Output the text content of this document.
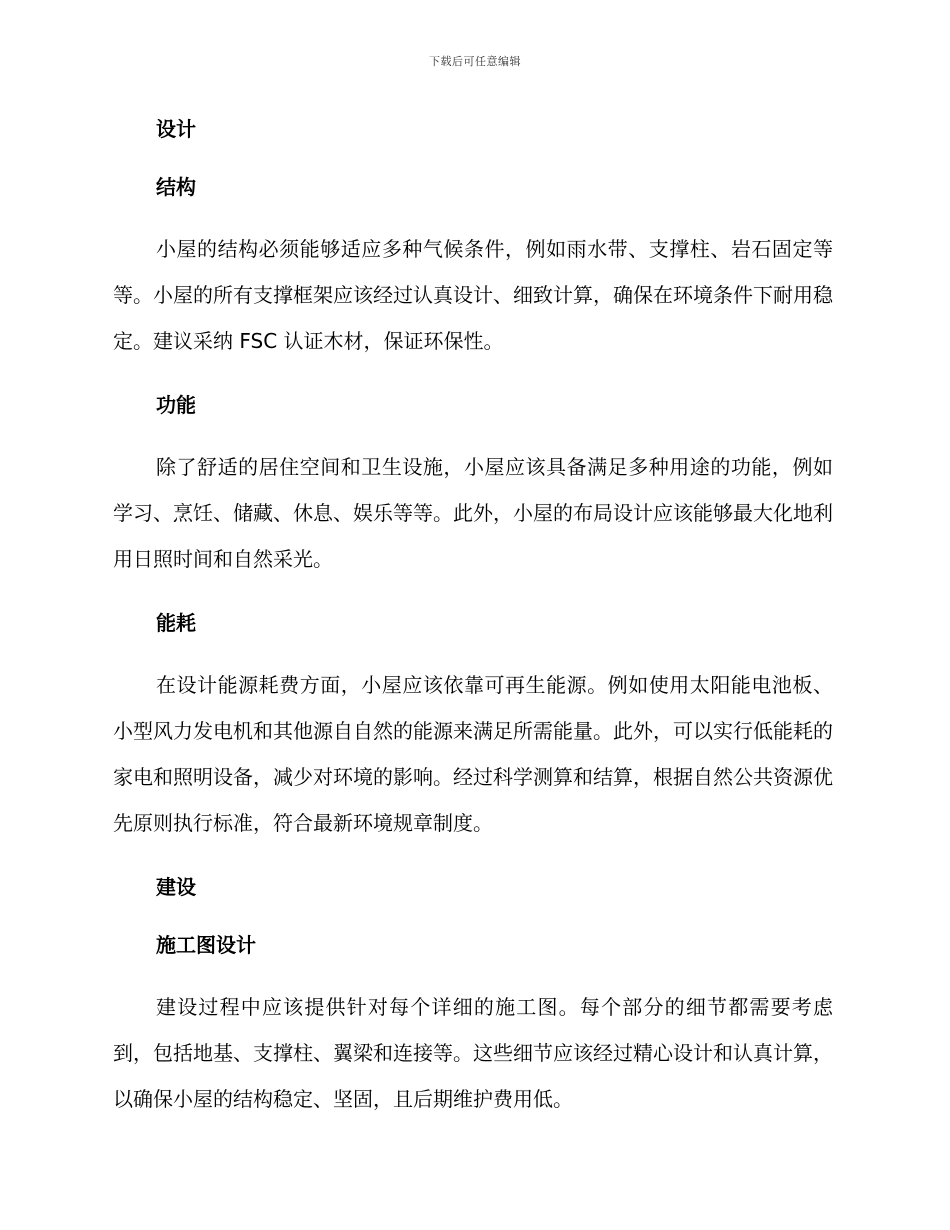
下载后可任意编辑
设计
结构

小屋的结构必须能够适应多种气候条件，例如雨水带、支撑柱、岩石固定等等。小屋的所有支撑框架应该经过认真设计、细致计算，确保在环境条件下耐用稳定。建议采纳 FSC 认证木材，保证环保性。

功能

除了舒适的居住空间和卫生设施，小屋应该具备满足多种用途的功能，例如学习、烹饪、储藏、休息、娱乐等等。此外，小屋的布局设计应该能够最大化地利用日照时间和自然采光。

能耗

在设计能源耗费方面，小屋应该依靠可再生能源。例如使用太阳能电池板、小型风力发电机和其他源自自然的能源来满足所需能量。此外，可以实行低能耗的家电和照明设备，减少对环境的影响。经过科学测算和结算，根据自然公共资源优先原则执行标准，符合最新环境规章制度。

建设
施工图设计

建设过程中应该提供针对每个详细的施工图。每个部分的细节都需要考虑到，包括地基、支撑柱、翼梁和连接等。这些细节应该经过精心设计和认真计算，以确保小屋的结构稳定、坚固，且后期维护费用低。
